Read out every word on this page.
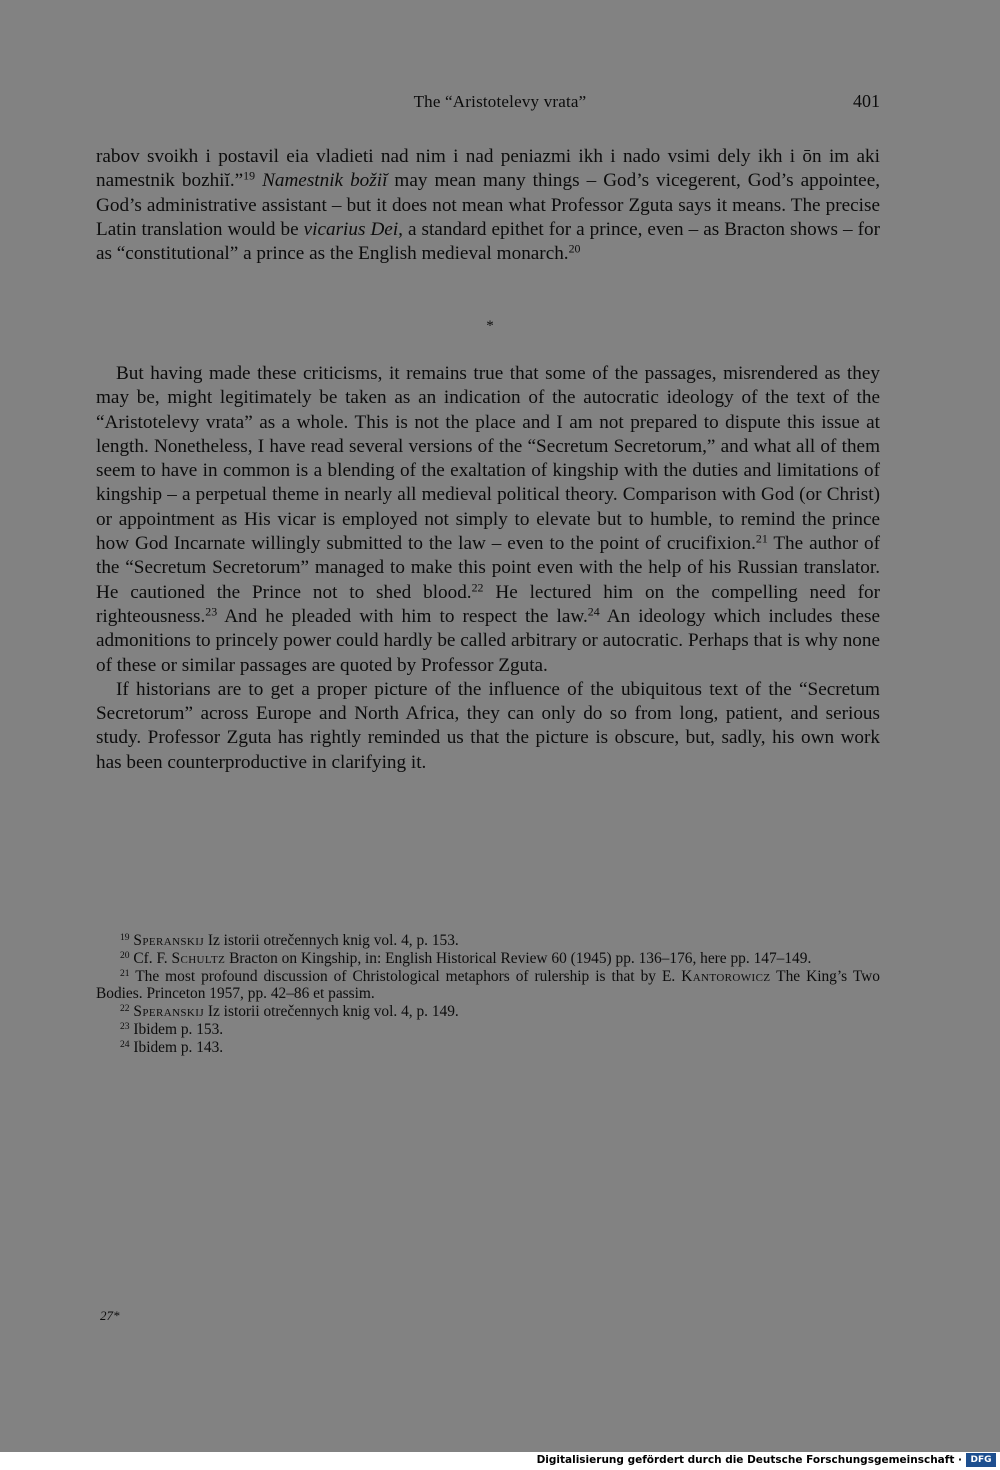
The “Aristotelevy vrata”	401

rabov svoikh i postavil eia vladieti nad nim i nad peniazmi ikh i nado vsimi dely ikh i ōn im aki namestnik bozhiĭ.”$^{19}$ Namestnik božiĭ may mean many things – God’s vicegerent, God’s appointee, God’s administrative assistant – but it does not mean what Professor Zguta says it means. The precise Latin translation would be vicarius Dei, a standard epithet for a prince, even – as Bracton shows – for as “constitutional” a prince as the English medieval monarch.$^{20}$

*

But having made these criticisms, it remains true that some of the passages, misrendered as they may be, might legitimately be taken as an indication of the autocratic ideology of the text of the “Aristotelevy vrata” as a whole. This is not the place and I am not prepared to dispute this issue at length. Nonetheless, I have read several versions of the “Secretum Secretorum,” and what all of them seem to have in common is a blending of the exaltation of kingship with the duties and limitations of kingship – a perpetual theme in nearly all medieval political theory. Comparison with God (or Christ) or appointment as His vicar is employed not simply to elevate but to humble, to remind the prince how God Incarnate willingly submitted to the law – even to the point of crucifixion.$^{21}$ The author of the “Secretum Secretorum” managed to make this point even with the help of his Russian translator. He cautioned the Prince not to shed blood.$^{22}$ He lectured him on the compelling need for righteousness.$^{23}$ And he pleaded with him to respect the law.$^{24}$ An ideology which includes these admonitions to princely power could hardly be called arbitrary or autocratic. Perhaps that is why none of these or similar passages are quoted by Professor Zguta.

If historians are to get a proper picture of the influence of the ubiquitous text of the “Secretum Secretorum” across Europe and North Africa, they can only do so from long, patient, and serious study. Professor Zguta has rightly reminded us that the picture is obscure, but, sadly, his own work has been counterproductive in clarifying it.

$^{19}$ Speranskij Iz istorii otrečennych knig vol. 4, p. 153.

$^{20}$ Cf. F. Schultz Bracton on Kingship, in: English Historical Review 60 (1945) pp. 136–176, here pp. 147–149.

$^{21}$ The most profound discussion of Christological metaphors of rulership is that by E. Kantorowicz The King’s Two Bodies. Princeton 1957, pp. 42–86 et passim.

$^{22}$ Speranskij Iz istorii otrečennych knig vol. 4, p. 149.

$^{23}$ Ibidem p. 153.

$^{24}$ Ibidem p. 143.

27*
Digitalisierung gefördert durch die Deutsche Forschungsgemeinschaft · DFG
